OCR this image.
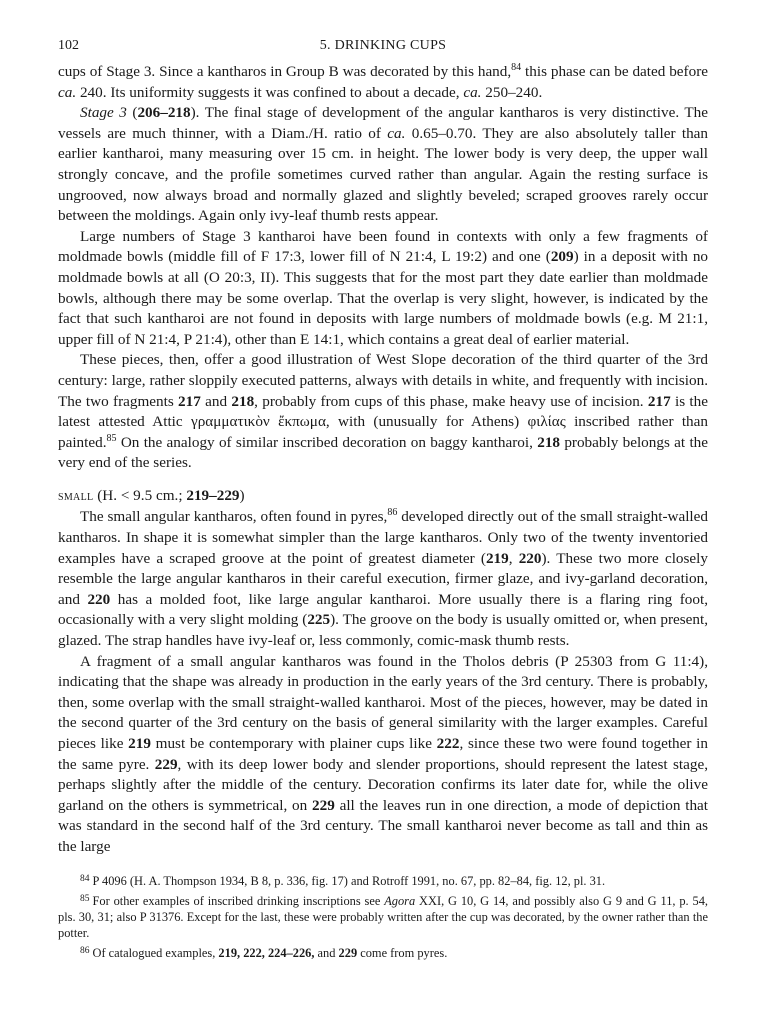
102	5. DRINKING CUPS

cups of Stage 3. Since a kantharos in Group B was decorated by this hand,$^{84}$ this phase can be dated before ca. 240. Its uniformity suggests it was confined to about a decade, ca. 250–240.

Stage 3 (206–218). The final stage of development of the angular kantharos is very distinctive. The vessels are much thinner, with a Diam./H. ratio of ca. 0.65–0.70. They are also absolutely taller than earlier kantharoi, many measuring over 15 cm. in height. The lower body is very deep, the upper wall strongly concave, and the profile sometimes curved rather than angular. Again the resting surface is ungrooved, now always broad and normally glazed and slightly beveled; scraped grooves rarely occur between the moldings. Again only ivy-leaf thumb rests appear.

Large numbers of Stage 3 kantharoi have been found in contexts with only a few fragments of moldmade bowls (middle fill of F 17:3, lower fill of N 21:4, L 19:2) and one (209) in a deposit with no moldmade bowls at all (O 20:3, II). This suggests that for the most part they date earlier than moldmade bowls, although there may be some overlap. That the overlap is very slight, however, is indicated by the fact that such kantharoi are not found in deposits with large numbers of moldmade bowls (e.g. M 21:1, upper fill of N 21:4, P 21:4), other than E 14:1, which contains a great deal of earlier material.

These pieces, then, offer a good illustration of West Slope decoration of the third quarter of the 3rd century: large, rather sloppily executed patterns, always with details in white, and frequently with incision. The two fragments 217 and 218, probably from cups of this phase, make heavy use of incision. 217 is the latest attested Attic γραμματικὸν ἔκπωμα, with (unusually for Athens) φιλίας inscribed rather than painted.$^{85}$ On the analogy of similar inscribed decoration on baggy kantharoi, 218 probably belongs at the very end of the series.

small (H. < 9.5 cm.; 219–229)

The small angular kantharos, often found in pyres,$^{86}$ developed directly out of the small straight-walled kantharos. In shape it is somewhat simpler than the large kantharos. Only two of the twenty inventoried examples have a scraped groove at the point of greatest diameter (219, 220). These two more closely resemble the large angular kantharos in their careful execution, firmer glaze, and ivy-garland decoration, and 220 has a molded foot, like large angular kantharoi. More usually there is a flaring ring foot, occasionally with a very slight molding (225). The groove on the body is usually omitted or, when present, glazed. The strap handles have ivy-leaf or, less commonly, comic-mask thumb rests.

A fragment of a small angular kantharos was found in the Tholos debris (P 25303 from G 11:4), indicating that the shape was already in production in the early years of the 3rd century. There is probably, then, some overlap with the small straight-walled kantharoi. Most of the pieces, however, may be dated in the second quarter of the 3rd century on the basis of general similarity with the larger examples. Careful pieces like 219 must be contemporary with plainer cups like 222, since these two were found together in the same pyre. 229, with its deep lower body and slender proportions, should represent the latest stage, perhaps slightly after the middle of the century. Decoration confirms its later date for, while the olive garland on the others is symmetrical, on 229 all the leaves run in one direction, a mode of depiction that was standard in the second half of the 3rd century. The small kantharoi never become as tall and thin as the large

$^{84}$ P 4096 (H. A. Thompson 1934, B 8, p. 336, fig. 17) and Rotroff 1991, no. 67, pp. 82–84, fig. 12, pl. 31.

$^{85}$ For other examples of inscribed drinking inscriptions see Agora XXI, G 10, G 14, and possibly also G 9 and G 11, p. 54, pls. 30, 31; also P 31376. Except for the last, these were probably written after the cup was decorated, by the owner rather than the potter.

$^{86}$ Of catalogued examples, 219, 222, 224–226, and 229 come from pyres.
